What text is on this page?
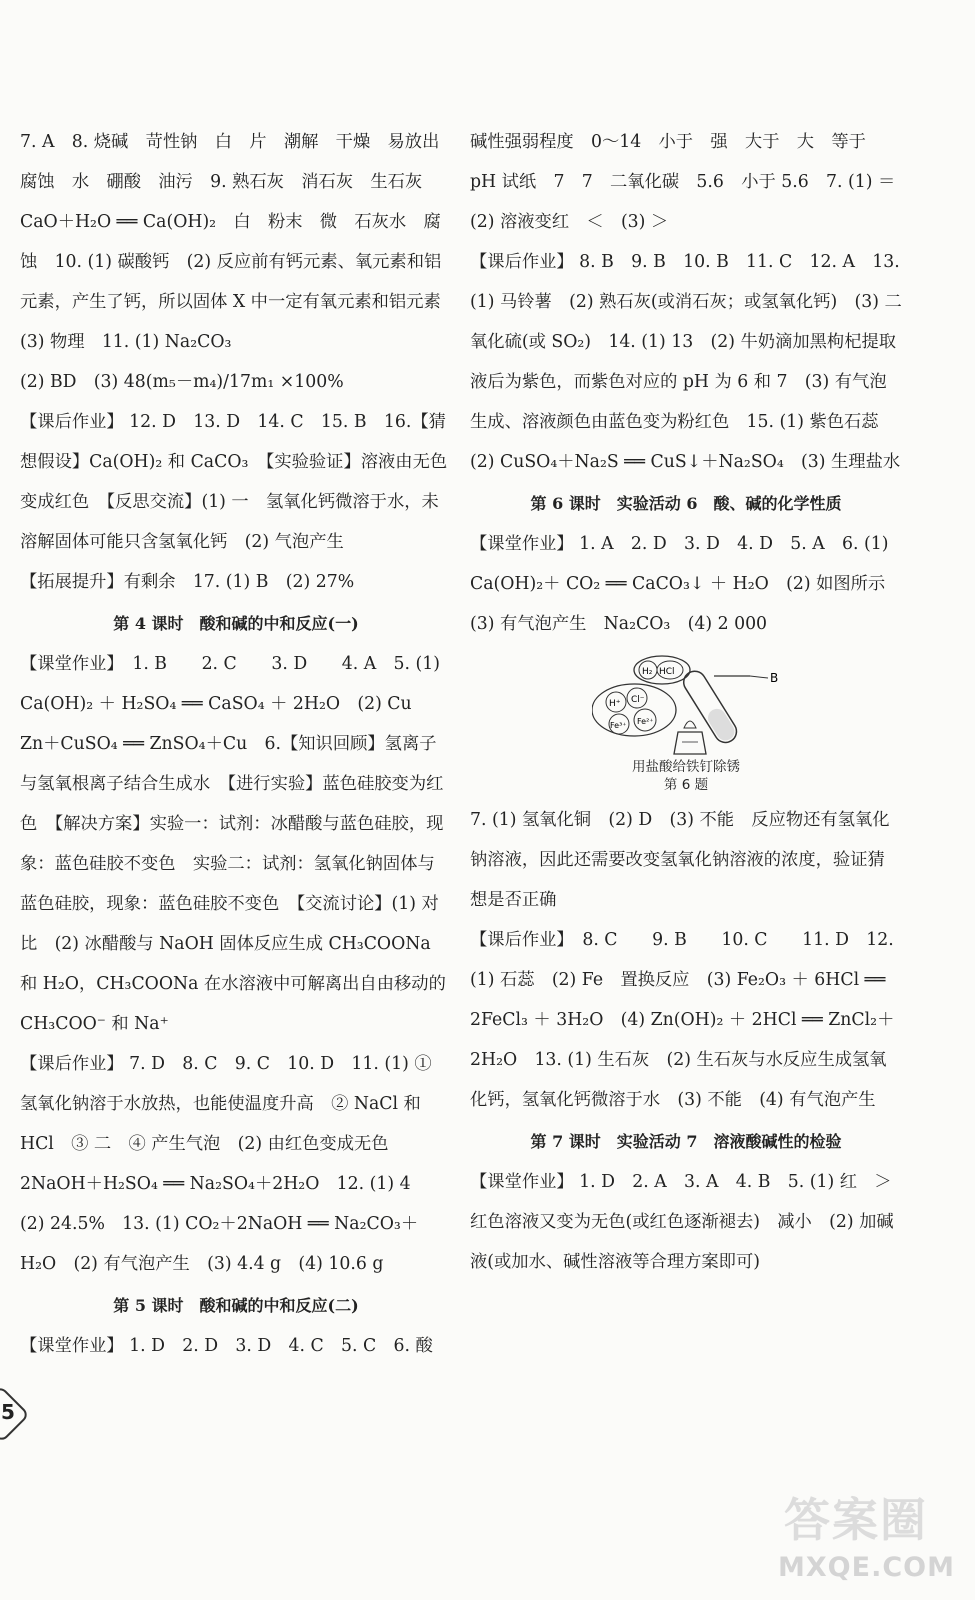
7. A　8. 烧碱　苛性钠　白　片　潮解　干燥　易放出　腐蚀　水　硼酸　油污　9. 熟石灰　消石灰　生石灰　CaO＋H₂O ══ Ca(OH)₂　白　粉末　微　石灰水　腐蚀　10. (1) 碳酸钙　(2) 反应前有钙元素、氧元素和铝元素，产生了钙，所以固体 X 中一定有氧元素和铝元素　(3) 物理　11. (1) Na₂CO₃

(2) BD　(3) 48(m₅－m₄)/17m₁ ×100%

【课后作业】 12. D　13. D　14. C　15. B　16.【猜想假设】Ca(OH)₂ 和 CaCO₃　【实验验证】溶液由无色变成红色　【反思交流】(1) 一　氢氧化钙微溶于水，未溶解固体可能只含氢氧化钙　(2) 气泡产生

【拓展提升】有剩余　17. (1) B　(2) 27%

第 4 课时　酸和碱的中和反应(一)

【课堂作业】　1. B　　2. C　　3. D　　4. A　5. (1) Ca(OH)₂ ＋ H₂SO₄ ══ CaSO₄ ＋ 2H₂O　(2) Cu　Zn＋CuSO₄ ══ ZnSO₄＋Cu　6.【知识回顾】氢离子与氢氧根离子结合生成水　【进行实验】蓝色硅胶变为红色　【解决方案】实验一：试剂：冰醋酸与蓝色硅胶，现象：蓝色硅胶不变色　实验二：试剂：氢氧化钠固体与蓝色硅胶，现象：蓝色硅胶不变色　【交流讨论】(1) 对比　(2) 冰醋酸与 NaOH 固体反应生成 CH₃COONa 和 H₂O，CH₃COONa 在水溶液中可解离出自由移动的 CH₃COO⁻ 和 Na⁺

【课后作业】 7. D　8. C　9. C　10. D　11. (1) ① 氢氧化钠溶于水放热，也能使温度升高　② NaCl 和 HCl　③ 二　④ 产生气泡　(2) 由红色变成无色　2NaOH＋H₂SO₄ ══ Na₂SO₄＋2H₂O　12. (1) 4　(2) 24.5%　13. (1) CO₂＋2NaOH ══ Na₂CO₃＋H₂O　(2) 有气泡产生　(3) 4.4 g　(4) 10.6 g

第 5 课时　酸和碱的中和反应(二)

【课堂作业】 1. D　2. D　3. D　4. C　5. C　6. 酸

碱性强弱程度　0～14　小于　强　大于　大　等于　pH 试纸　7　7　二氧化碳　5.6　小于 5.6　7. (1) ＝　(2) 溶液变红　＜　(3) ＞

【课后作业】 8. B　9. B　10. B　11. C　12. A　13. (1) 马铃薯　(2) 熟石灰(或消石灰；或氢氧化钙)　(3) 二氧化硫(或 SO₂)　14. (1) 13　(2) 牛奶滴加黑枸杞提取液后为紫色，而紫色对应的 pH 为 6 和 7　(3) 有气泡生成、溶液颜色由蓝色变为粉红色　15. (1) 紫色石蕊　(2) CuSO₄＋Na₂S ══ CuS↓＋Na₂SO₄　(3) 生理盐水

第 6 课时　实验活动 6　酸、碱的化学性质

【课堂作业】 1. A　2. D　3. D　4. D　5. A　6. (1) Ca(OH)₂＋ CO₂ ══ CaCO₃↓ ＋ H₂O　(2) 如图所示　(3) 有气泡产生　Na₂CO₃　(4) 2 000

H⁺ Cl⁻
Fe³⁺ Fe²⁺
H₂ HCl	B
用盐酸给铁钉除锈
第 6 题

7. (1) 氢氧化铜　(2) D　(3) 不能　反应物还有氢氧化钠溶液，因此还需要改变氢氧化钠溶液的浓度，验证猜想是否正确

【课后作业】　8. C　　9. B　　10. C　　11. D　12. (1) 石蕊　(2) Fe　置换反应　(3) Fe₂O₃ ＋ 6HCl ══ 2FeCl₃ ＋ 3H₂O　(4) Zn(OH)₂ ＋ 2HCl ══ ZnCl₂＋2H₂O　13. (1) 生石灰　(2) 生石灰与水反应生成氢氧化钙，氢氧化钙微溶于水　(3) 不能　(4) 有气泡产生

第 7 课时　实验活动 7　溶液酸碱性的检验

【课堂作业】 1. D　2. A　3. A　4. B　5. (1) 红　＞　红色溶液又变为无色(或红色逐渐褪去)　减小　(2) 加碱液(或加水、碱性溶液等合理方案即可)

5
答案圈
MXQE.COM
